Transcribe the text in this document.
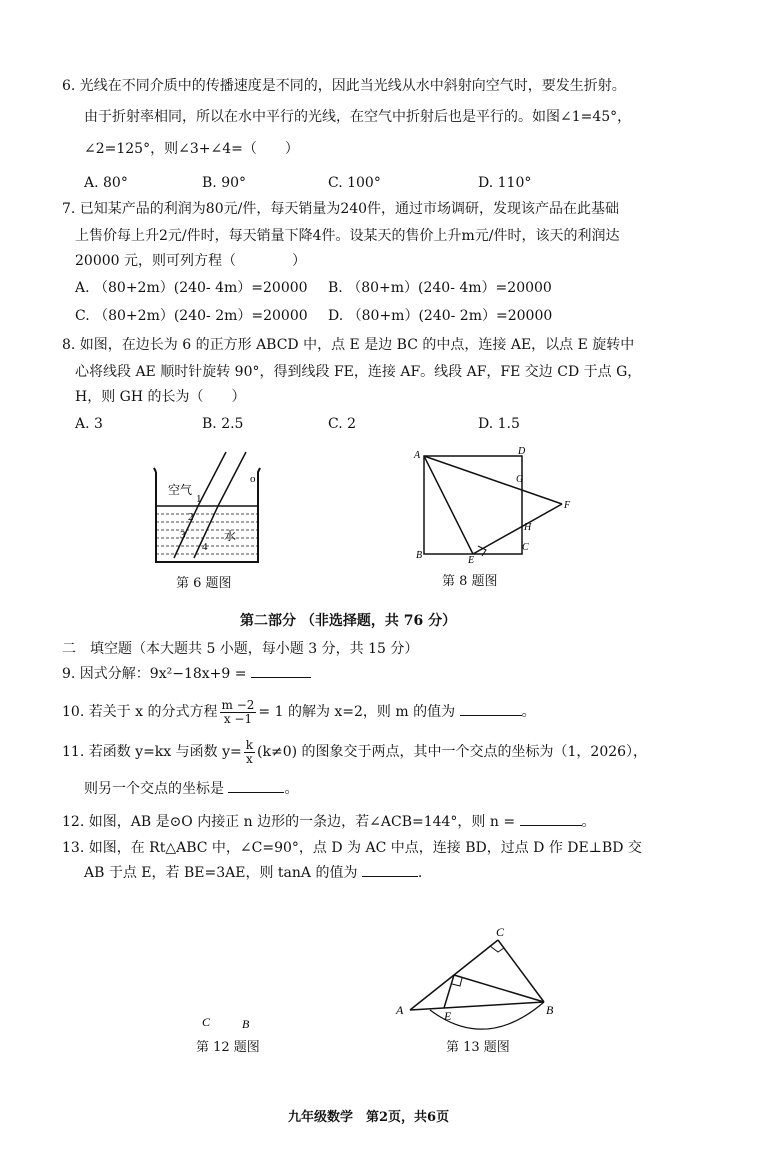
6. 光线在不同介质中的传播速度是不同的，因此当光线从水中斜射向空气时，要发生折射。
由于折射率相同，所以在水中平行的光线，在空气中折射后也是平行的。如图∠1=45°，
∠2=125°，则∠3+∠4=（　　）
A. 80°	B. 90°	C. 100°	D. 110°
7. 已知某产品的利润为80元/件，每天销量为240件，通过市场调研，发现该产品在此基础
上售价每上升2元/件时，每天销量下降4件。设某天的售价上升m元/件时，该天的利润达
20000 元，则可列方程（　　　　）
A. （80+2m）(240- 4m）=20000 B. （80+m）(240- 4m）=20000
C. （80+2m）(240- 2m）=20000 D. （80+m）(240- 2m）=20000
8. 如图，在边长为 6 的正方形 ABCD 中，点 E 是边 BC 的中点，连接 AE，以点 E 旋转中
心将线段 AE 顺时针旋转 90°，得到线段 FE，连接 AF。线段 AF，FE 交边 CD 于点 G，
H，则 GH 的长为（　　）
A. 3	B. 2.5	C. 2	D. 1.5
空气
水
o
1
2
3
4
第 6 题图
A	D
G
F
H
B	E
C
第 8 题图
第二部分 （非选择题，共 76 分）
二　填空题（本大题共 5 小题，每小题 3 分，共 15 分）
9. 因式分解：9x²−18x+9 =
10. 若关于 x 的分式方程 $\frac{m -2}{x -1} = 1$ 的解为 x=2，则 m 的值为	。
11. 若函数 y=kx 与函数 $y= \frac{k}{x} (k\ne 0)$ 的图象交于两点，其中一个交点的坐标为（1，2026），
则另一个交点的坐标是	。
12. 如图，AB 是⊙O 内接正 n 边形的一条边，若∠ACB=144°，则 n =	。
13. 如图，在 Rt△ABC 中，∠C=90°，点 D 为 AC 中点，连接 BD，过点 D 作 DE⊥BD 交
AB 于点 E，若 BE=3AE，则 tanA 的值为	.
C	B
第 12 题图
C
A	E	B
第 13 题图
九年级数学　第2页，共6页
